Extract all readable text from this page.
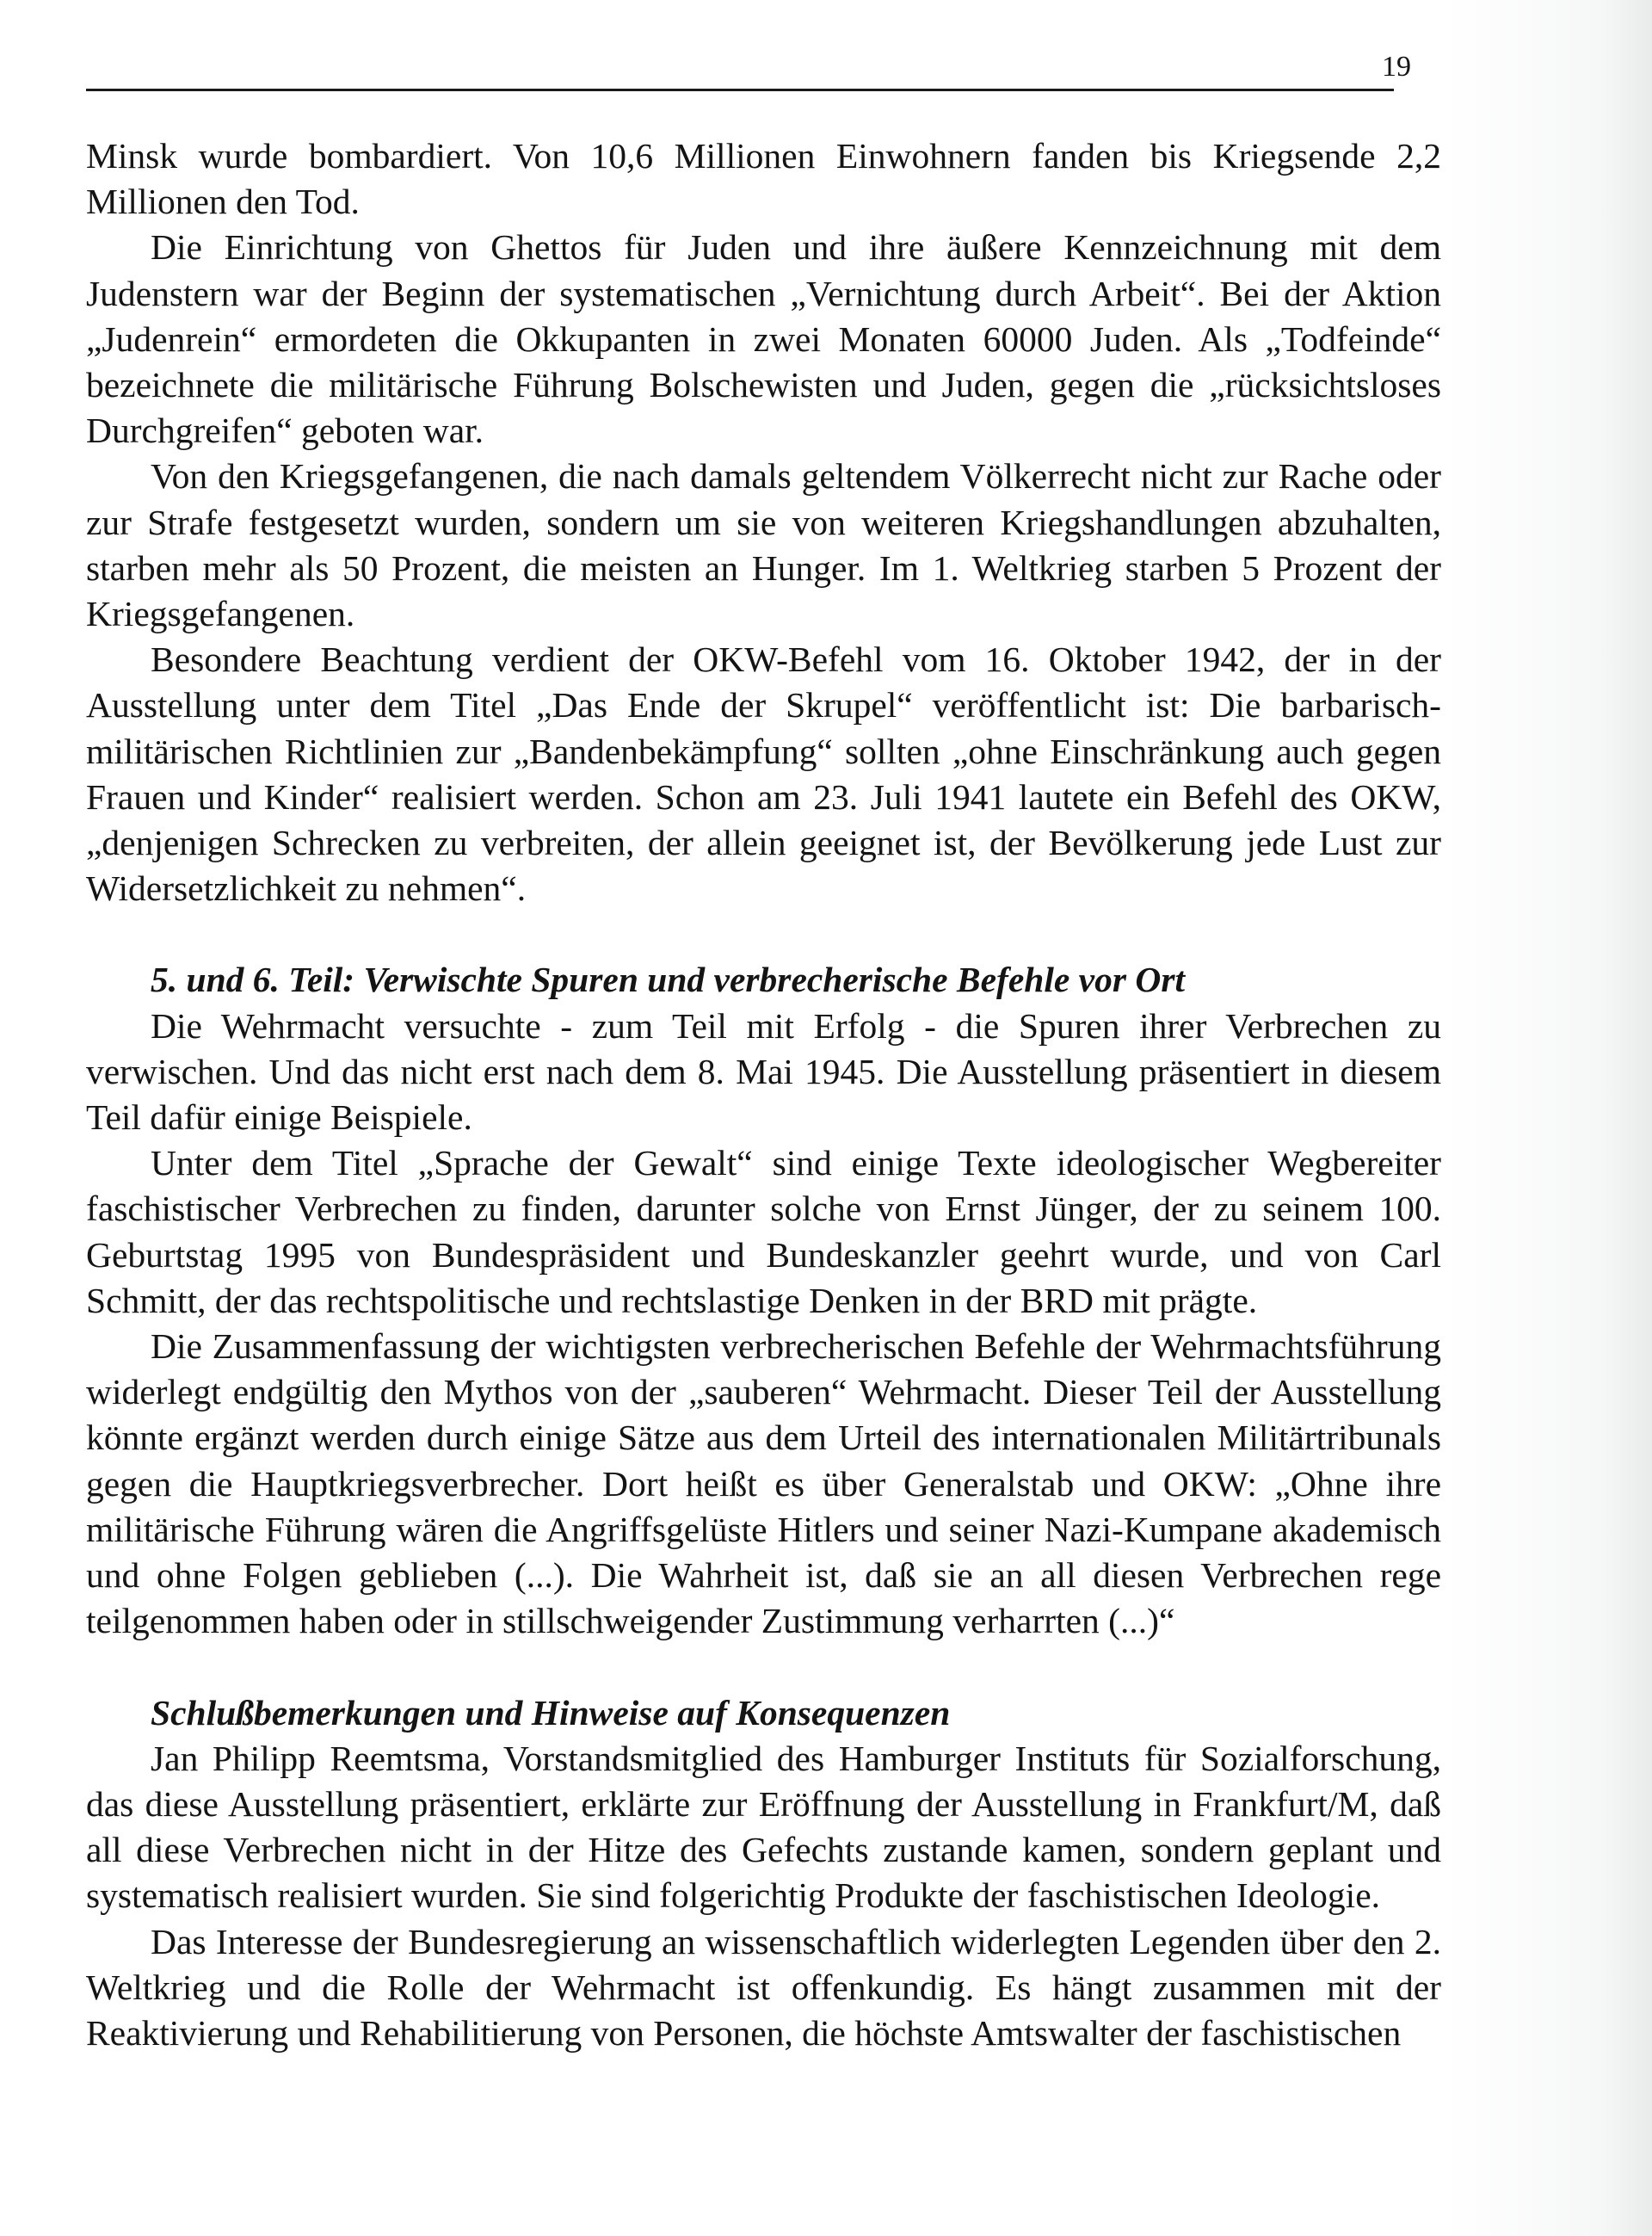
19

Minsk wurde bombardiert. Von 10,6 Millionen Einwohnern fanden bis Kriegsende 2,2 Millionen den Tod.

Die Einrichtung von Ghettos für Juden und ihre äußere Kennzeichnung mit dem Judenstern war der Beginn der systematischen „Vernichtung durch Arbeit“. Bei der Aktion „Judenrein“ ermordeten die Okkupanten in zwei Monaten 60000 Juden. Als „Todfeinde“ bezeichnete die militärische Führung Bolschewisten und Juden, gegen die „rücksichtsloses Durchgreifen“ geboten war.

Von den Kriegsgefangenen, die nach damals geltendem Völkerrecht nicht zur Rache oder zur Strafe festgesetzt wurden, sondern um sie von weiteren Kriegshandlungen abzuhalten, starben mehr als 50 Prozent, die meisten an Hunger. Im 1. Weltkrieg starben 5 Prozent der Kriegsgefangenen.

Besondere Beachtung verdient der OKW-Befehl vom 16. Oktober 1942, der in der Ausstellung unter dem Titel „Das Ende der Skrupel“ veröffentlicht ist: Die barbarisch-militärischen Richtlinien zur „Bandenbekämpfung“ sollten „ohne Einschränkung auch gegen Frauen und Kinder“ realisiert werden. Schon am 23. Juli 1941 lautete ein Befehl des OKW, „denjenigen Schrecken zu verbreiten, der allein geeignet ist, der Bevölkerung jede Lust zur Widersetzlichkeit zu nehmen“.

5. und 6. Teil: Verwischte Spuren und verbrecherische Befehle vor Ort

Die Wehrmacht versuchte - zum Teil mit Erfolg - die Spuren ihrer Verbrechen zu verwischen. Und das nicht erst nach dem 8. Mai 1945. Die Ausstellung präsentiert in diesem Teil dafür einige Beispiele.

Unter dem Titel „Sprache der Gewalt“ sind einige Texte ideologischer Wegbereiter faschistischer Verbrechen zu finden, darunter solche von Ernst Jünger, der zu seinem 100. Geburtstag 1995 von Bundespräsident und Bundeskanzler geehrt wurde, und von Carl Schmitt, der das rechtspolitische und rechtslastige Denken in der BRD mit prägte.

Die Zusammenfassung der wichtigsten verbrecherischen Befehle der Wehrmachtsführung widerlegt endgültig den Mythos von der „sauberen“ Wehrmacht. Dieser Teil der Ausstellung könnte ergänzt werden durch einige Sätze aus dem Urteil des internationalen Militärtribunals gegen die Hauptkriegsverbrecher. Dort heißt es über Generalstab und OKW: „Ohne ihre militärische Führung wären die Angriffsgelüste Hitlers und seiner Nazi-Kumpane akademisch und ohne Folgen geblieben (...). Die Wahrheit ist, daß sie an all diesen Verbrechen rege teilgenommen haben oder in stillschweigender Zustimmung verharrten (...)“

Schlußbemerkungen und Hinweise auf Konsequenzen

Jan Philipp Reemtsma, Vorstandsmitglied des Hamburger Instituts für Sozialforschung, das diese Ausstellung präsentiert, erklärte zur Eröffnung der Ausstellung in Frankfurt/M, daß all diese Verbrechen nicht in der Hitze des Gefechts zustande kamen, sondern geplant und systematisch realisiert wurden. Sie sind folgerichtig Produkte der faschistischen Ideologie.

Das Interesse der Bundesregierung an wissenschaftlich widerlegten Legenden über den 2. Weltkrieg und die Rolle der Wehrmacht ist offenkundig. Es hängt zusammen mit der Reaktivierung und Rehabilitierung von Personen, die höchste Amtswalter der faschistischen
